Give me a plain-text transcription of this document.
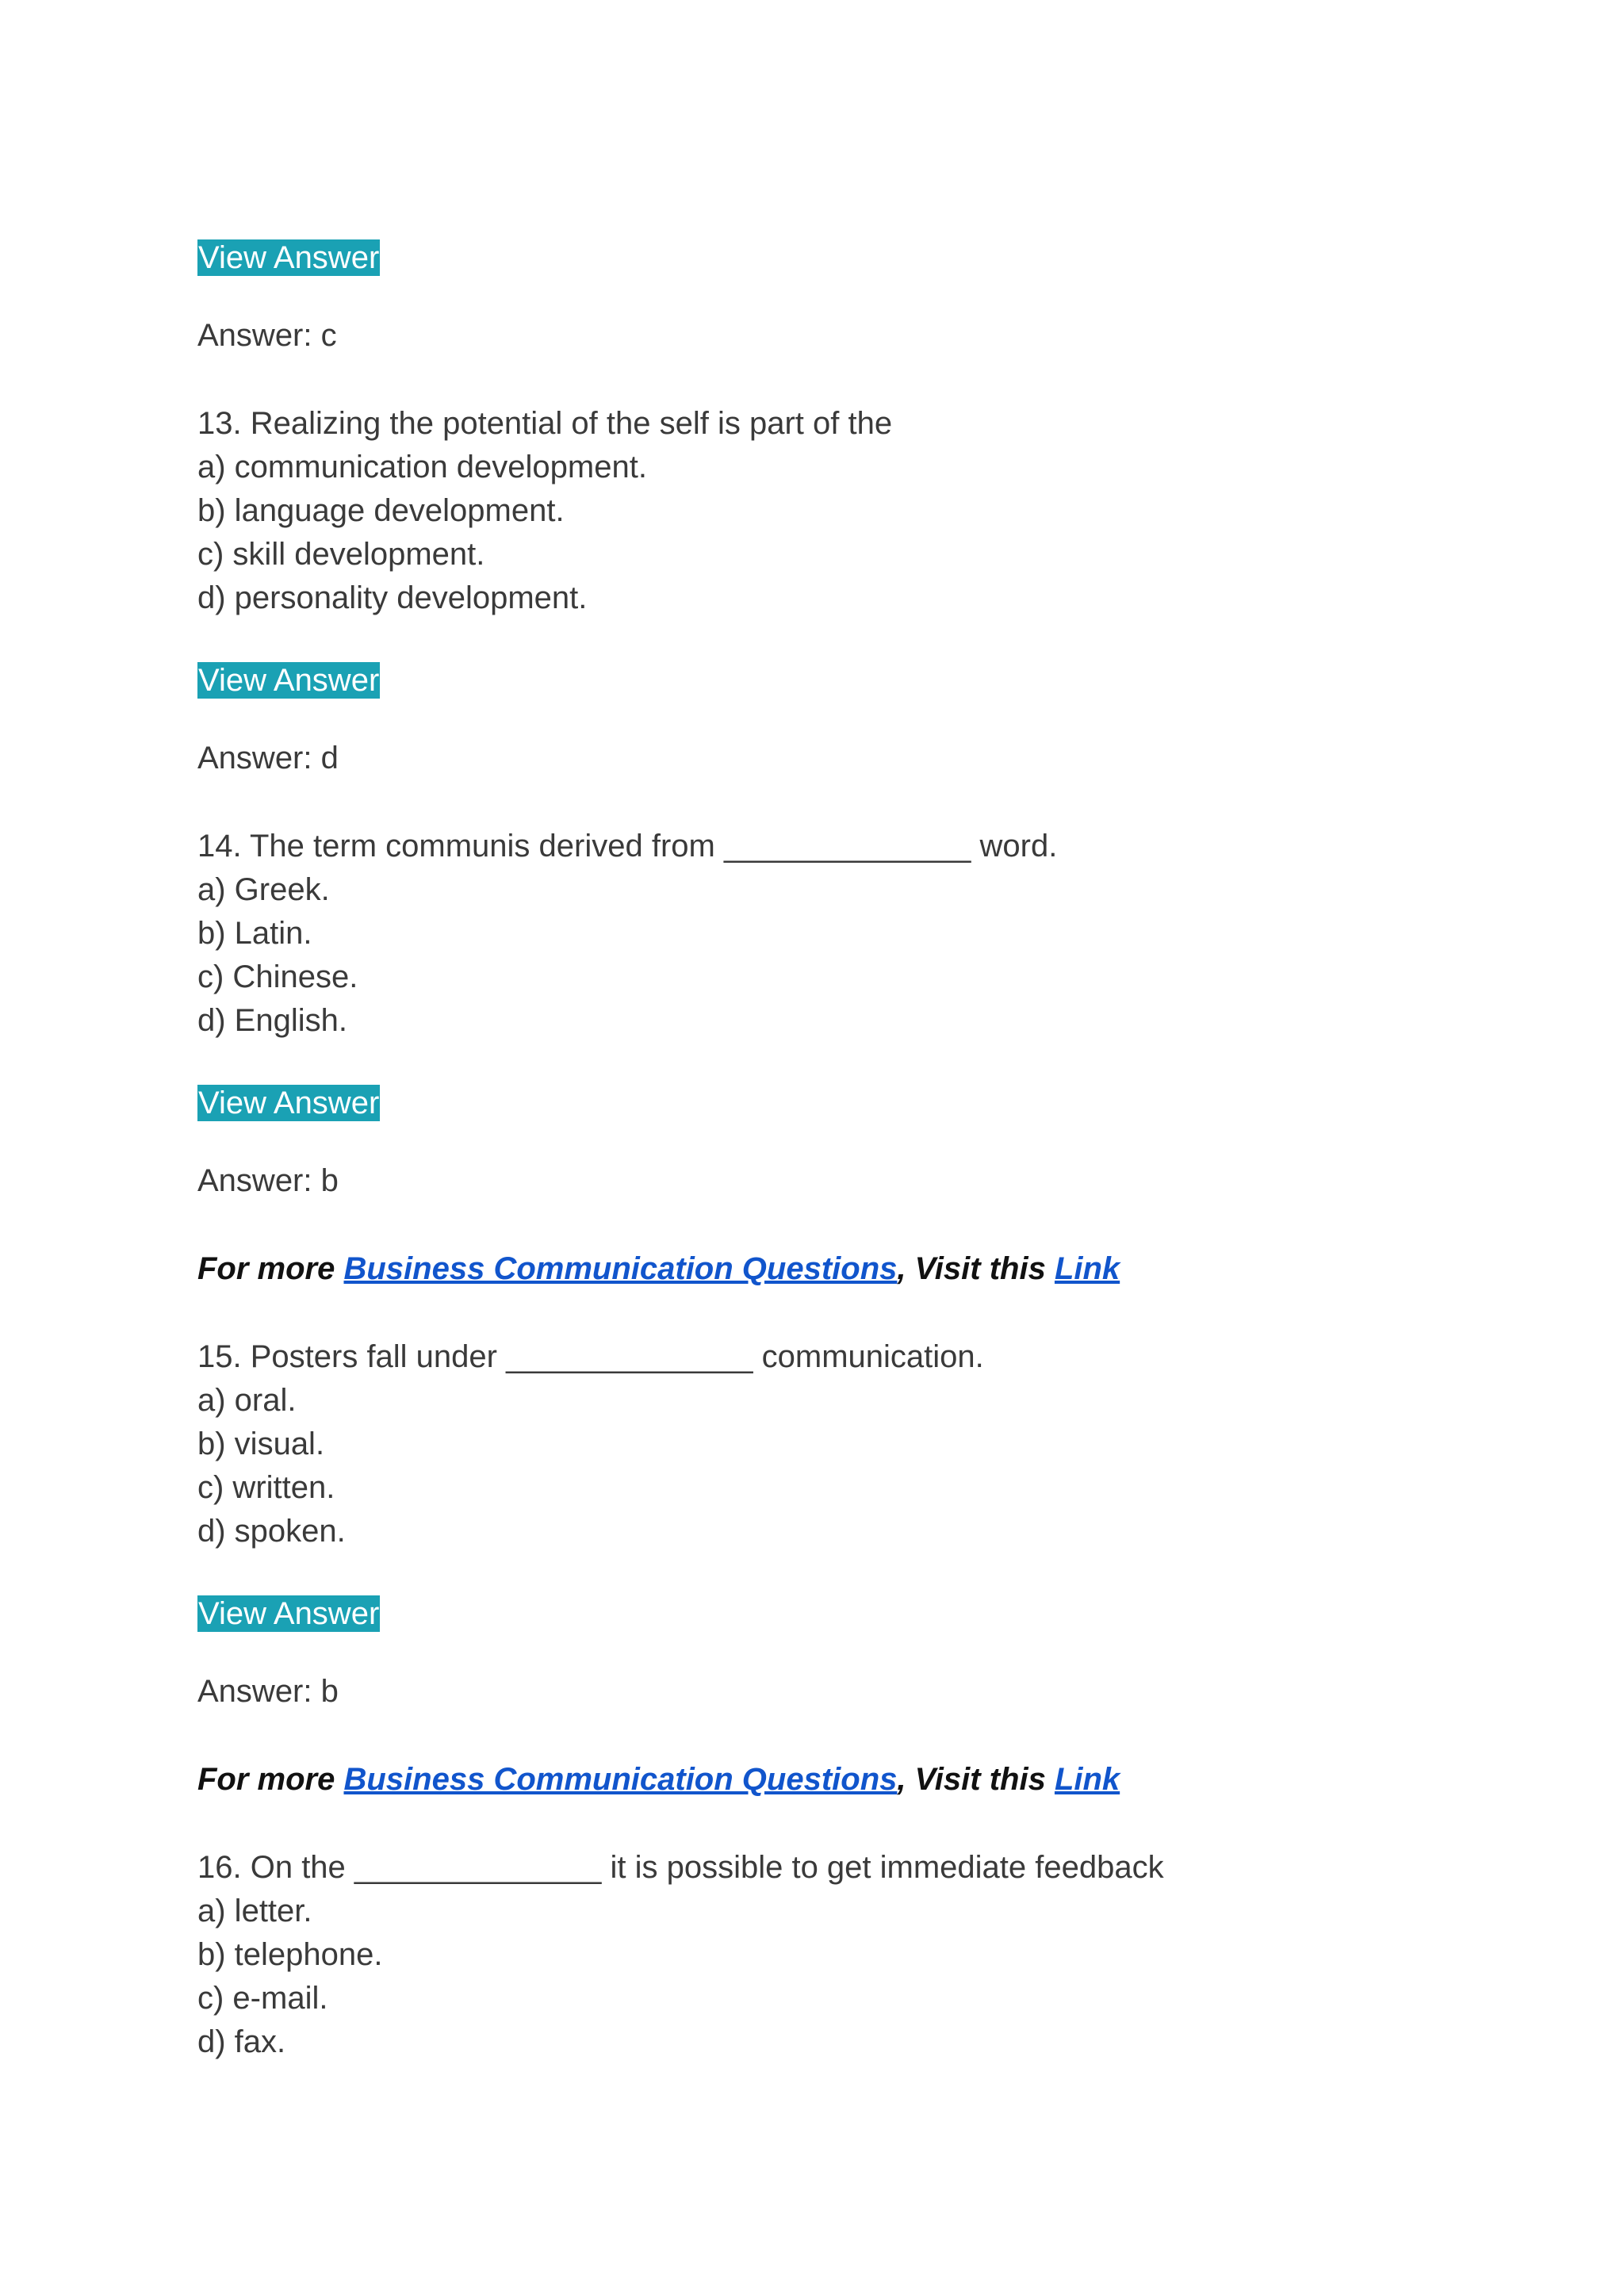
View Answer
Answer: c

13. Realizing the potential of the self is part of the

a) communication development.

b) language development.

c) skill development.

d) personality development.

View Answer
Answer: d

14. The term communis derived from ______________ word.

a) Greek.

b) Latin.

c) Chinese.

d) English.

View Answer
Answer: b
For more Business Communication Questions, Visit this Link

15. Posters fall under ______________ communication.

a) oral.

b) visual.

c) written.

d) spoken.

View Answer
Answer: b
For more Business Communication Questions, Visit this Link

16. On the ______________ it is possible to get immediate feedback

a) letter.

b) telephone.

c) e-mail.

d) fax.
